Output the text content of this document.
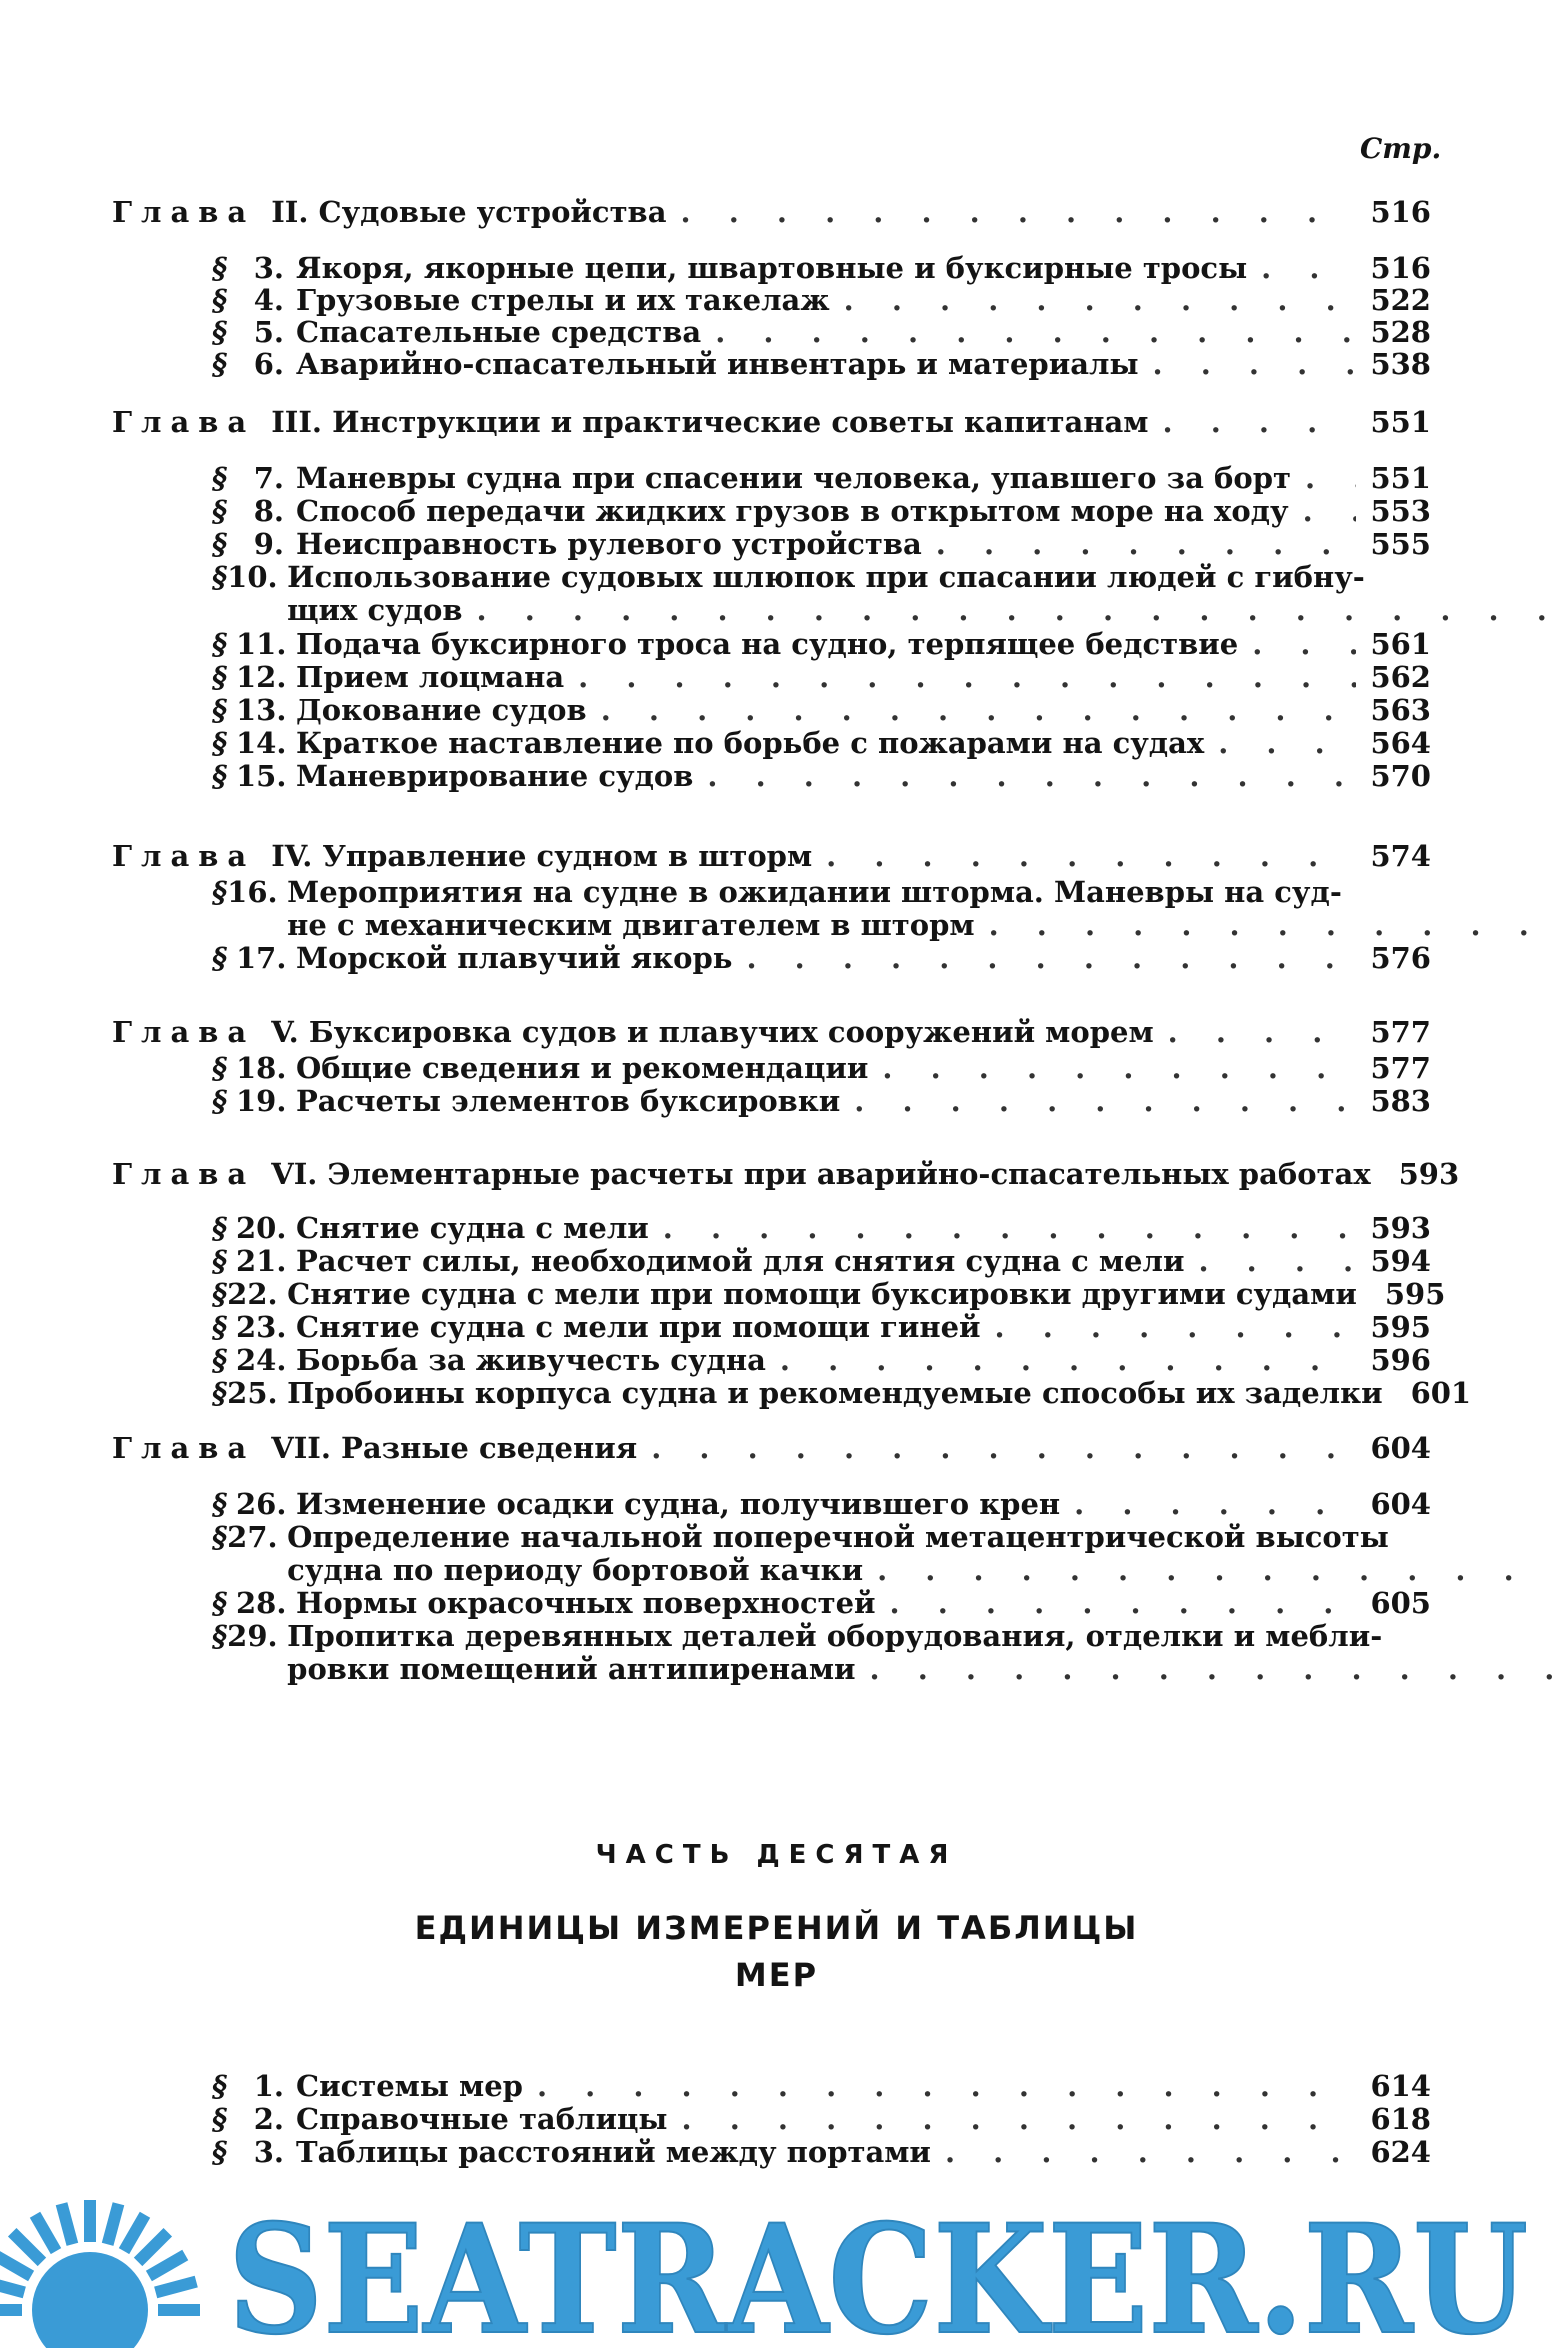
Стр.
Глава II. Судовые устройства . . .	516
§ 3. Якоря, якорные цепи, швартовные и буксирные тросы . . .	516
§ 4. Грузовые стрелы и их такелаж . . .	522
§ 5. Спасательные средства . . .	528
§ 6. Аварийно-спасательный инвентарь и материалы . . .	538
Глава III. Инструкции и практические советы капитанам . . .	551
§ 7. Маневры судна при спасении человека, упавшего за борт . . .	551
§ 8. Способ передачи жидких грузов в открытом море на ходу . . .	553
§ 9. Неисправность рулевого устройства . . .	555
§ 10. Использование судовых шлюпок при спасании людей с гибну-
щих судов
. . .
§ 11. Подача буксирного троса на судно, терпящее бедствие . . .	561
§ 12. Прием лоцмана . . .	562
§ 13. Докование судов . . .	563
§ 14. Краткое наставление по борьбе с пожарами на судах . . .	564
§ 15. Маневрирование судов . . .	570
Глава IV. Управление судном в шторм . . .	574
§ 16. Мероприятия на судне в ожидании шторма. Маневры на суд-
не с механическим двигателем в шторм
. . .
§ 17. Морской плавучий якорь . . .	576
Глава V. Буксировка судов и плавучих сооружений морем . . .	577
§ 18. Общие сведения и рекомендации . . .	577
§ 19. Расчеты элементов буксировки . . .	583
Глава VI. Элементарные расчеты при аварийно-спасательных работах 593
§ 20. Снятие судна с мели . . .	593
§ 21. Расчет силы, необходимой для снятия судна с мели . . .	594
§ 22. Снятие судна с мели при помощи буксировки другими судами 595
§ 23. Снятие судна с мели при помощи гиней . . .	595
§ 24. Борьба за живучесть судна . . .	596
§ 25. Пробоины корпуса судна и рекомендуемые способы их заделки 601
Глава VII. Разные сведения . . .	604
§ 26. Изменение осадки судна, получившего крен . . .	604
§ 27. Определение начальной поперечной метацентрической высоты
судна по периоду бортовой качки
. . .
§ 28. Нормы окрасочных поверхностей . . .	605
§ 29. Пропитка деревянных деталей оборудования, отделки и мебли-
ровки помещений антипиренами
. . .
ЧАСТЬ ДЕСЯТАЯ
ЕДИНИЦЫ ИЗМЕРЕНИЙ И ТАБЛИЦЫ
МЕР
§ 1. Системы мер . . .	614
§ 2. Справочные таблицы . . .	618
§ 3. Таблицы расстояний между портами . . .	624
SEATRACKER.RU
